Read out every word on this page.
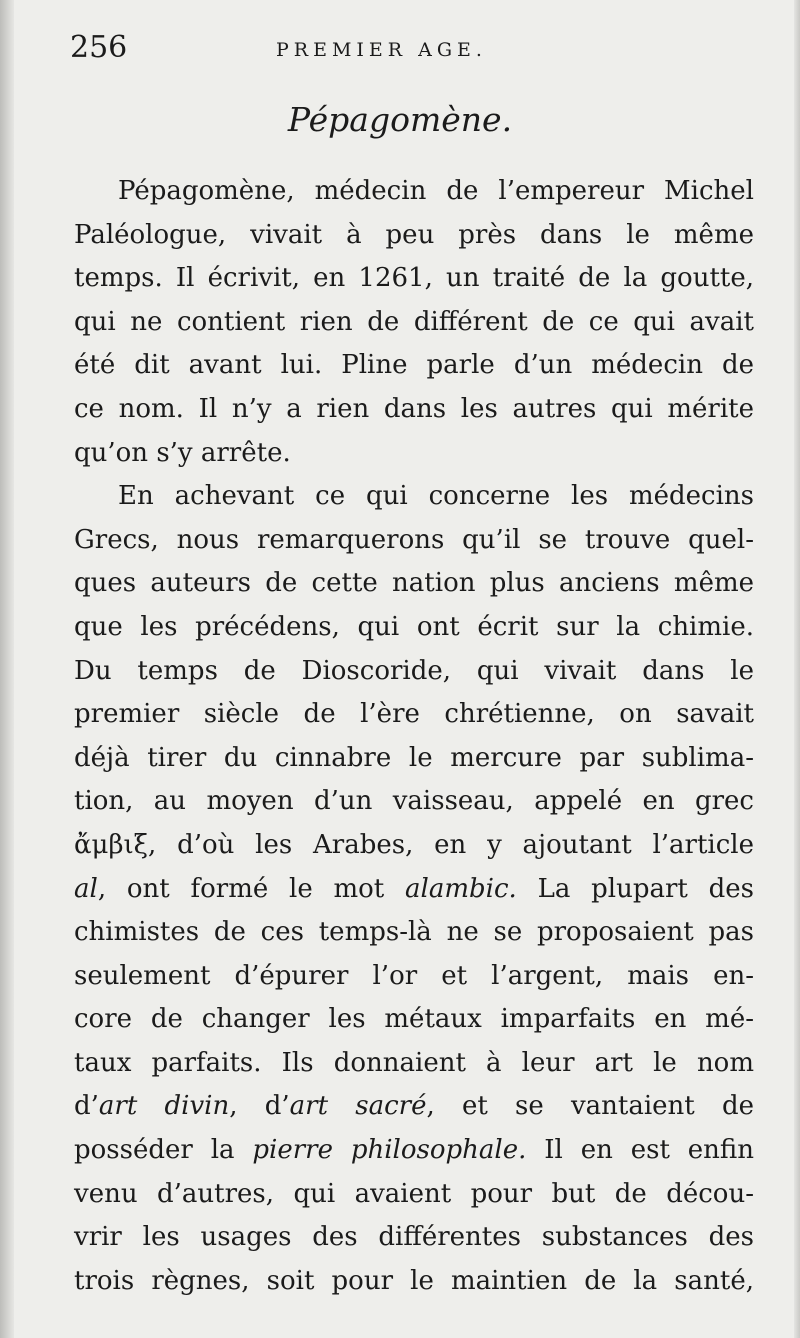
256	PREMIER AGE.
Pépagomène.
Pépagomène, médecin de l’empereur Michel
Paléologue, vivait à peu près dans le même
temps. Il écrivit, en 1261, un traité de la goutte,
qui ne contient rien de différent de ce qui avait
été dit avant lui. Pline parle d’un médecin de
ce nom. Il n’y a rien dans les autres qui mérite
qu’on s’y arrête.
En achevant ce qui concerne les médecins
Grecs, nous remarquerons qu’il se trouve quel-
ques auteurs de cette nation plus anciens même
que les précédens, qui ont écrit sur la chimie.
Du temps de Dioscoride, qui vivait dans le
premier siècle de l’ère chrétienne, on savait
déjà tirer du cinnabre le mercure par sublima-
tion, au moyen d’un vaisseau, appelé en grec
ἄμβιξ, d’où les Arabes, en y ajoutant l’article
al, ont formé le mot alambic. La plupart des
chimistes de ces temps-là ne se proposaient pas
seulement d’épurer l’or et l’argent, mais en-
core de changer les métaux imparfaits en mé-
taux parfaits. Ils donnaient à leur art le nom
d’art divin, d’art sacré, et se vantaient de
posséder la pierre philosophale. Il en est enfin
venu d’autres, qui avaient pour but de décou-
vrir les usages des différentes substances des
trois règnes, soit pour le maintien de la santé,
